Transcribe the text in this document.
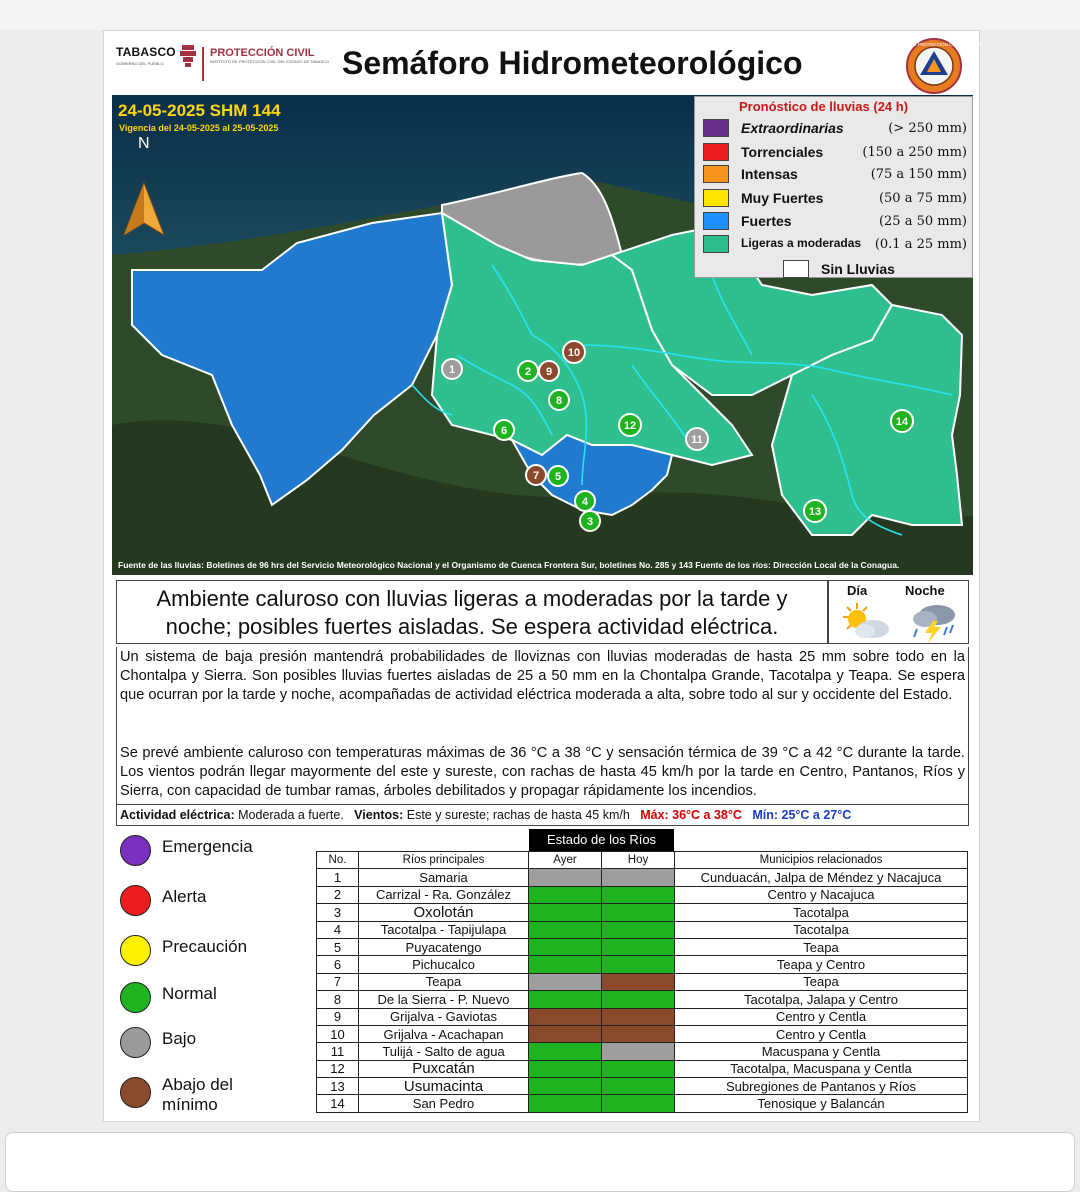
TABASCO
GOBIERNO DEL PUEBLO
PROTECCIÓN CIVIL
INSTITUTO DE PROTECCIÓN CIVIL DEL ESTADO DE TABASCO Semáforo Hidrometeorológico
INSTITUTO DE PROTECCIÓN CIVIL TABASCO
1	2 9
10
8
6	12
11
7 5
4
3
14
13
24-05-2025 SHM 144
Vigencia del 24-05-2025 al 25-05-2025
N
Fuente de las lluvias: Boletines de 96 hrs del Servicio Meteorológico Nacional y el Organismo de Cuenca Frontera Sur, boletines No. 285 y 143 Fuente de los ríos: Dirección Local de la Conagua.
Pronóstico de lluvias (24 h)
Extraordinarias	(> 250 mm)
Torrenciales	(150 a 250 mm)
Intensas	(75 a 150 mm)
Muy Fuertes	(50 a 75 mm)
Fuertes	(25 a 50 mm)
Ligeras a moderadas (0.1 a 25 mm)
Sin Lluvias
Ambiente caluroso con lluvias ligeras a moderadas por la tarde y
noche; posibles fuertes aisladas. Se espera actividad eléctrica.
Día	Noche
Un sistema de baja presión mantendrá probabilidades de lloviznas con lluvias moderadas de hasta 25 mm sobre todo en la Chontalpa y Sierra. Son posibles lluvias fuertes aisladas de 25 a 50 mm en la Chontalpa Grande, Tacotalpa y Teapa. Se espera que ocurran por la tarde y noche, acompañadas de actividad eléctrica moderada a alta, sobre todo al sur y occidente del Estado.
Se prevé ambiente caluroso con temperaturas máximas de 36 °C a 38 °C y sensación térmica de 39 °C a 42 °C durante la tarde. Los vientos podrán llegar mayormente del este y sureste, con rachas de hasta 45 km/h por la tarde en Centro, Pantanos, Ríos y Sierra, con capacidad de tumbar ramas, árboles debilitados y propagar rápidamente los incendios.
Actividad eléctrica: Moderada a fuerte. Vientos: Este y sureste; rachas de hasta 45 km/h Máx: 36°C a 38°C Mín: 25°C a 27°C
Emergencia
Alerta
Precaución
Normal
Bajo
Abajo del mínimo
Estado de los Ríos
No.	Ríos principales	Ayer	Hoy	Municipios relacionados
1	Samaria			Cunduacán, Jalpa de Méndez y Nacajuca
2	Carrizal - Ra. González			Centro y Nacajuca
3	Oxolotán			Tacotalpa
4	Tacotalpa - Tapijulapa			Tacotalpa
5	Puyacatengo			Teapa
6	Pichucalco			Teapa y Centro
7	Teapa			Teapa
8	De la Sierra - P. Nuevo			Tacotalpa, Jalapa y Centro
9	Grijalva - Gaviotas			Centro y Centla
10	Grijalva - Acachapan			Centro y Centla
11	Tulijá - Salto de agua			Macuspana y Centla
12	Puxcatán			Tacotalpa, Macuspana y Centla
13	Usumacinta			Subregiones de Pantanos y Ríos
14	San Pedro			Tenosique y Balancán
